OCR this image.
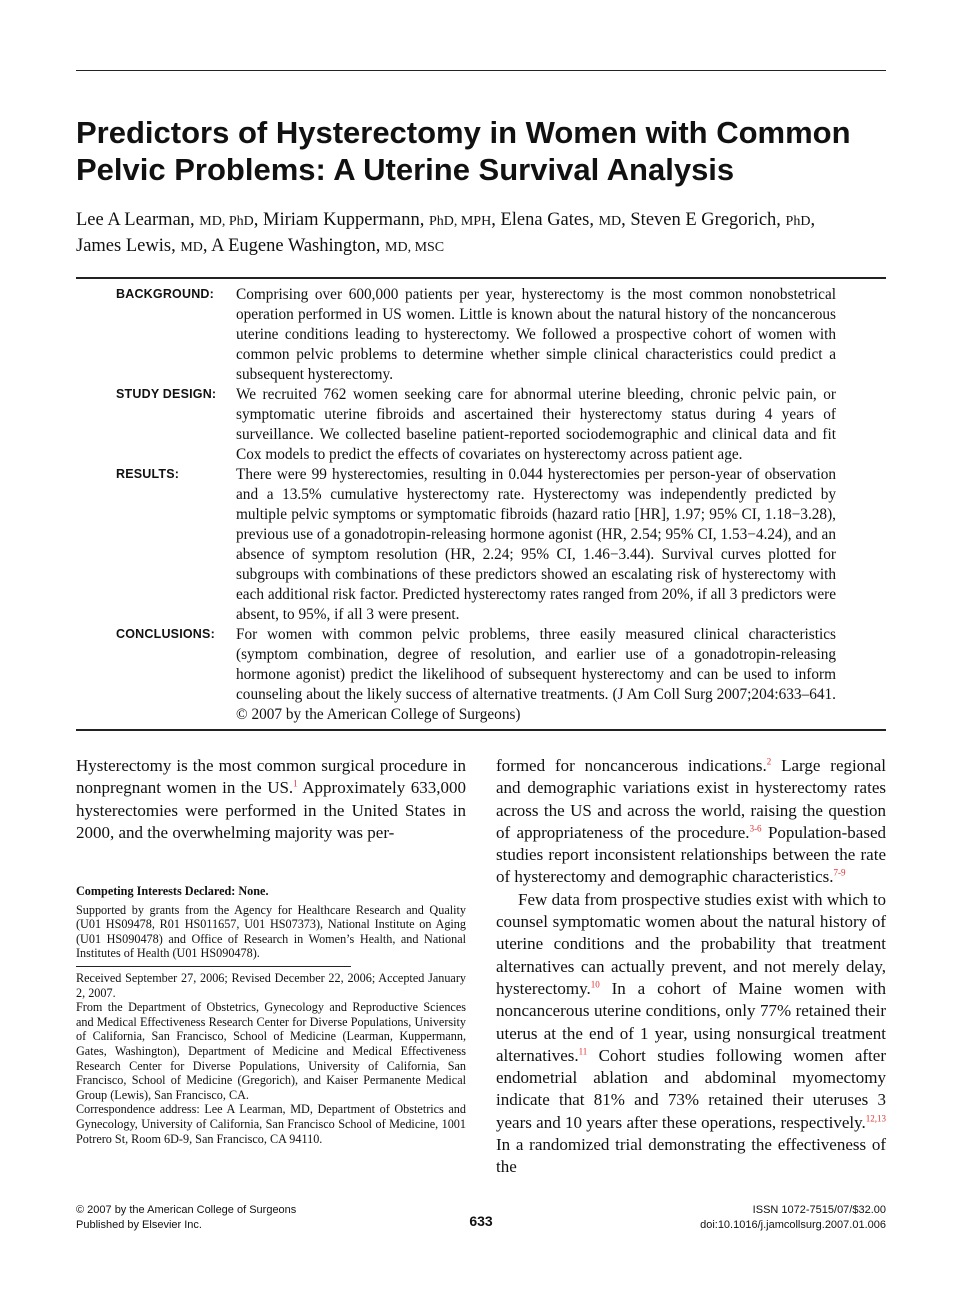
Predictors of Hysterectomy in Women with Common Pelvic Problems: A Uterine Survival Analysis

Lee A Learman, MD, PhD, Miriam Kuppermann, PhD, MPH, Elena Gates, MD, Steven E Gregorich, PhD,
James Lewis, MD, A Eugene Washington, MD, MSC

BACKGROUND:	Comprising over 600,000 patients per year, hysterectomy is the most common nonobstetrical operation performed in US women. Little is known about the natural history of the noncancerous uterine conditions leading to hysterectomy. We followed a prospective cohort of women with common pelvic problems to determine whether simple clinical characteristics could predict a subsequent hysterectomy.

STUDY DESIGN:	We recruited 762 women seeking care for abnormal uterine bleeding, chronic pelvic pain, or symptomatic uterine fibroids and ascertained their hysterectomy status during 4 years of surveillance. We collected baseline patient-reported sociodemographic and clinical data and fit Cox models to predict the effects of covariates on hysterectomy across patient age.

RESULTS:	There were 99 hysterectomies, resulting in 0.044 hysterectomies per person-year of observation and a 13.5% cumulative hysterectomy rate. Hysterectomy was independently predicted by multiple pelvic symptoms or symptomatic fibroids (hazard ratio [HR], 1.97; 95% CI, 1.18−3.28), previous use of a gonadotropin-releasing hormone agonist (HR, 2.54; 95% CI, 1.53−4.24), and an absence of symptom resolution (HR, 2.24; 95% CI, 1.46−3.44). Survival curves plotted for subgroups with combinations of these predictors showed an escalating risk of hysterectomy with each additional risk factor. Predicted hysterectomy rates ranged from 20%, if all 3 predictors were absent, to 95%, if all 3 were present.

CONCLUSIONS:	For women with common pelvic problems, three easily measured clinical characteristics (symptom combination, degree of resolution, and earlier use of a gonadotropin-releasing hormone agonist) predict the likelihood of subsequent hysterectomy and can be used to inform counseling about the likely success of alternative treatments. (J Am Coll Surg 2007;204:633–641. © 2007 by the American College of Surgeons)

Hysterectomy is the most common surgical procedure in nonpregnant women in the US.$^1$ Approximately 633,000 hysterectomies were performed in the United States in 2000, and the overwhelming majority was per-

Competing Interests Declared: None.

Supported by grants from the Agency for Healthcare Research and Quality (U01 HS09478, R01 HS011657, U01 HS07373), National Institute on Aging (U01 HS090478) and Office of Research in Women’s Health, and National Institutes of Health (U01 HS090478).

Received September 27, 2006; Revised December 22, 2006; Accepted January 2, 2007.

From the Department of Obstetrics, Gynecology and Reproductive Sciences and Medical Effectiveness Research Center for Diverse Populations, University of California, San Francisco, School of Medicine (Learman, Kuppermann, Gates, Washington), Department of Medicine and Medical Effectiveness Research Center for Diverse Populations, University of California, San Francisco, School of Medicine (Gregorich), and Kaiser Permanente Medical Group (Lewis), San Francisco, CA.

Correspondence address: Lee A Learman, MD, Department of Obstetrics and Gynecology, University of California, San Francisco School of Medicine, 1001 Potrero St, Room 6D-9, San Francisco, CA 94110.

formed for noncancerous indications.$^2$ Large regional and demographic variations exist in hysterectomy rates across the US and across the world, raising the question of appropriateness of the procedure.$^{3-6}$ Population-based studies report inconsistent relationships between the rate of hysterectomy and demographic characteristics.$^{7-9}$

Few data from prospective studies exist with which to counsel symptomatic women about the natural history of uterine conditions and the probability that treatment alternatives can actually prevent, and not merely delay, hysterectomy.$^{10}$ In a cohort of Maine women with noncancerous uterine conditions, only 77% retained their uterus at the end of 1 year, using nonsurgical treatment alternatives.$^{11}$ Cohort studies following women after endometrial ablation and abdominal myomectomy indicate that 81% and 73% retained their uteruses 3 years and 10 years after these operations, respectively.$^{12,13}$ In a randomized trial demonstrating the effectiveness of the

© 2007 by the American College of Surgeons
Published by Elsevier Inc.	633
ISSN 1072-7515/07/$32.00
doi:10.1016/j.jamcollsurg.2007.01.006
